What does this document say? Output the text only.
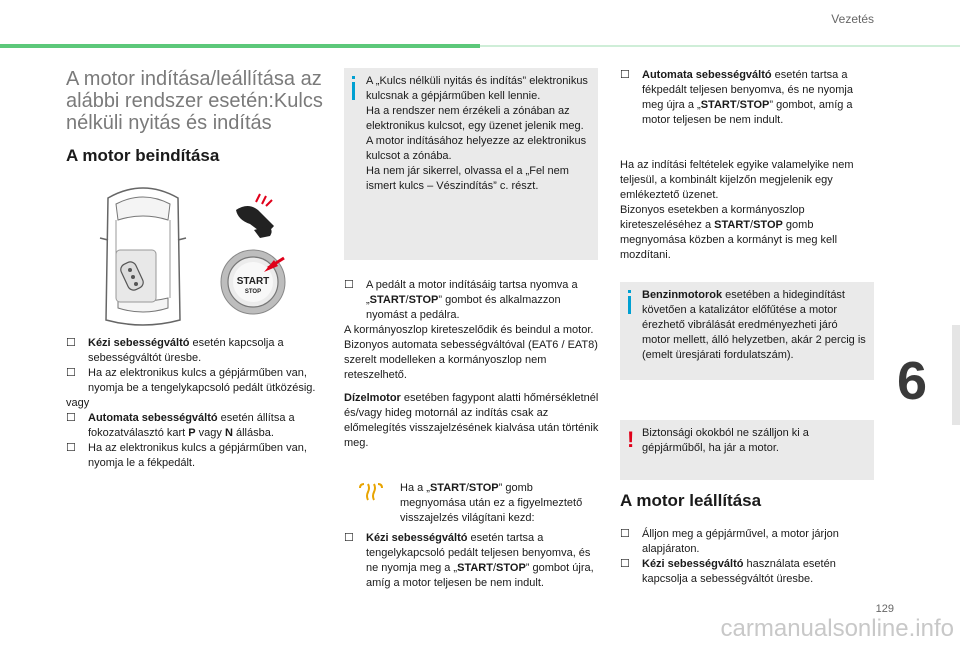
Vezetés
A motor indítása/leállítása az alábbi rendszer esetén:Kulcs nélküli nyitás és indítás
A motor beindítása
START
STOP
☐ Kézi sebességváltó esetén kapcsolja a sebességváltót üresbe.
☐ Ha az elektronikus kulcs a gépjárműben van, nyomja be a tengelykapcsoló pedált ütközésig.
vagy
☐ Automata sebességváltó esetén állítsa a fokozatválasztó kart P vagy N állásba.
☐ Ha az elektronikus kulcs a gépjárműben van, nyomja le a fékpedált.
A „Kulcs nélküli nyitás és indítás” elektronikus kulcsnak a gépjárműben kell lennie.
Ha a rendszer nem érzékeli a zónában az elektronikus kulcsot, egy üzenet jelenik meg.
A motor indításához helyezze az elektronikus kulcsot a zónába.
Ha nem jár sikerrel, olvassa el a „Fel nem ismert kulcs – Vészindítás” c. részt.
☐ A pedált a motor indításáig tartsa nyomva a „START/STOP” gombot és alkalmazzon nyomást a pedálra.
A kormányoszlop kireteszelődik és beindul a motor.
Bizonyos automata sebességváltóval (EAT6 / EAT8) szerelt modelleken a kormányoszlop nem reteszelhető.
Dízelmotor esetében fagypont alatti hőmérsékletnél és/vagy hideg motornál az indítás csak az előmelegítés visszajelzésének kialvása után történik meg.
Ha a „START/STOP” gomb megnyomása után ez a figyelmeztető visszajelzés világítani kezd:
☐ Kézi sebességváltó esetén tartsa a tengelykapcsoló pedált teljesen benyomva, és ne nyomja meg a „START/STOP” gombot újra, amíg a motor teljesen be nem indult.
☐ Automata sebességváltó esetén tartsa a fékpedált teljesen benyomva, és ne nyomja meg újra a „START/STOP” gombot, amíg a motor teljesen be nem indult.
Ha az indítási feltételek egyike valamelyike nem teljesül, a kombinált kijelzőn megjelenik egy emlékeztető üzenet.
Bizonyos esetekben a kormányoszlop kireteszeléséhez a START/STOP gomb megnyomása közben a kormányt is meg kell mozdítani.
Benzinmotorok esetében a hidegindítást követően a katalizátor előfűtése a motor érezhető vibrálását eredményezheti járó motor mellett, álló helyzetben, akár 2 percig is (emelt üresjárati fordulatszám).
! Biztonsági okokból ne szálljon ki a gépjárműből, ha jár a motor.
A motor leállítása
☐ Álljon meg a gépjárművel, a motor járjon alapjáraton.
☐ Kézi sebességváltó használata esetén kapcsolja a sebességváltót üresbe.
6
129
carmanualsonline.info
